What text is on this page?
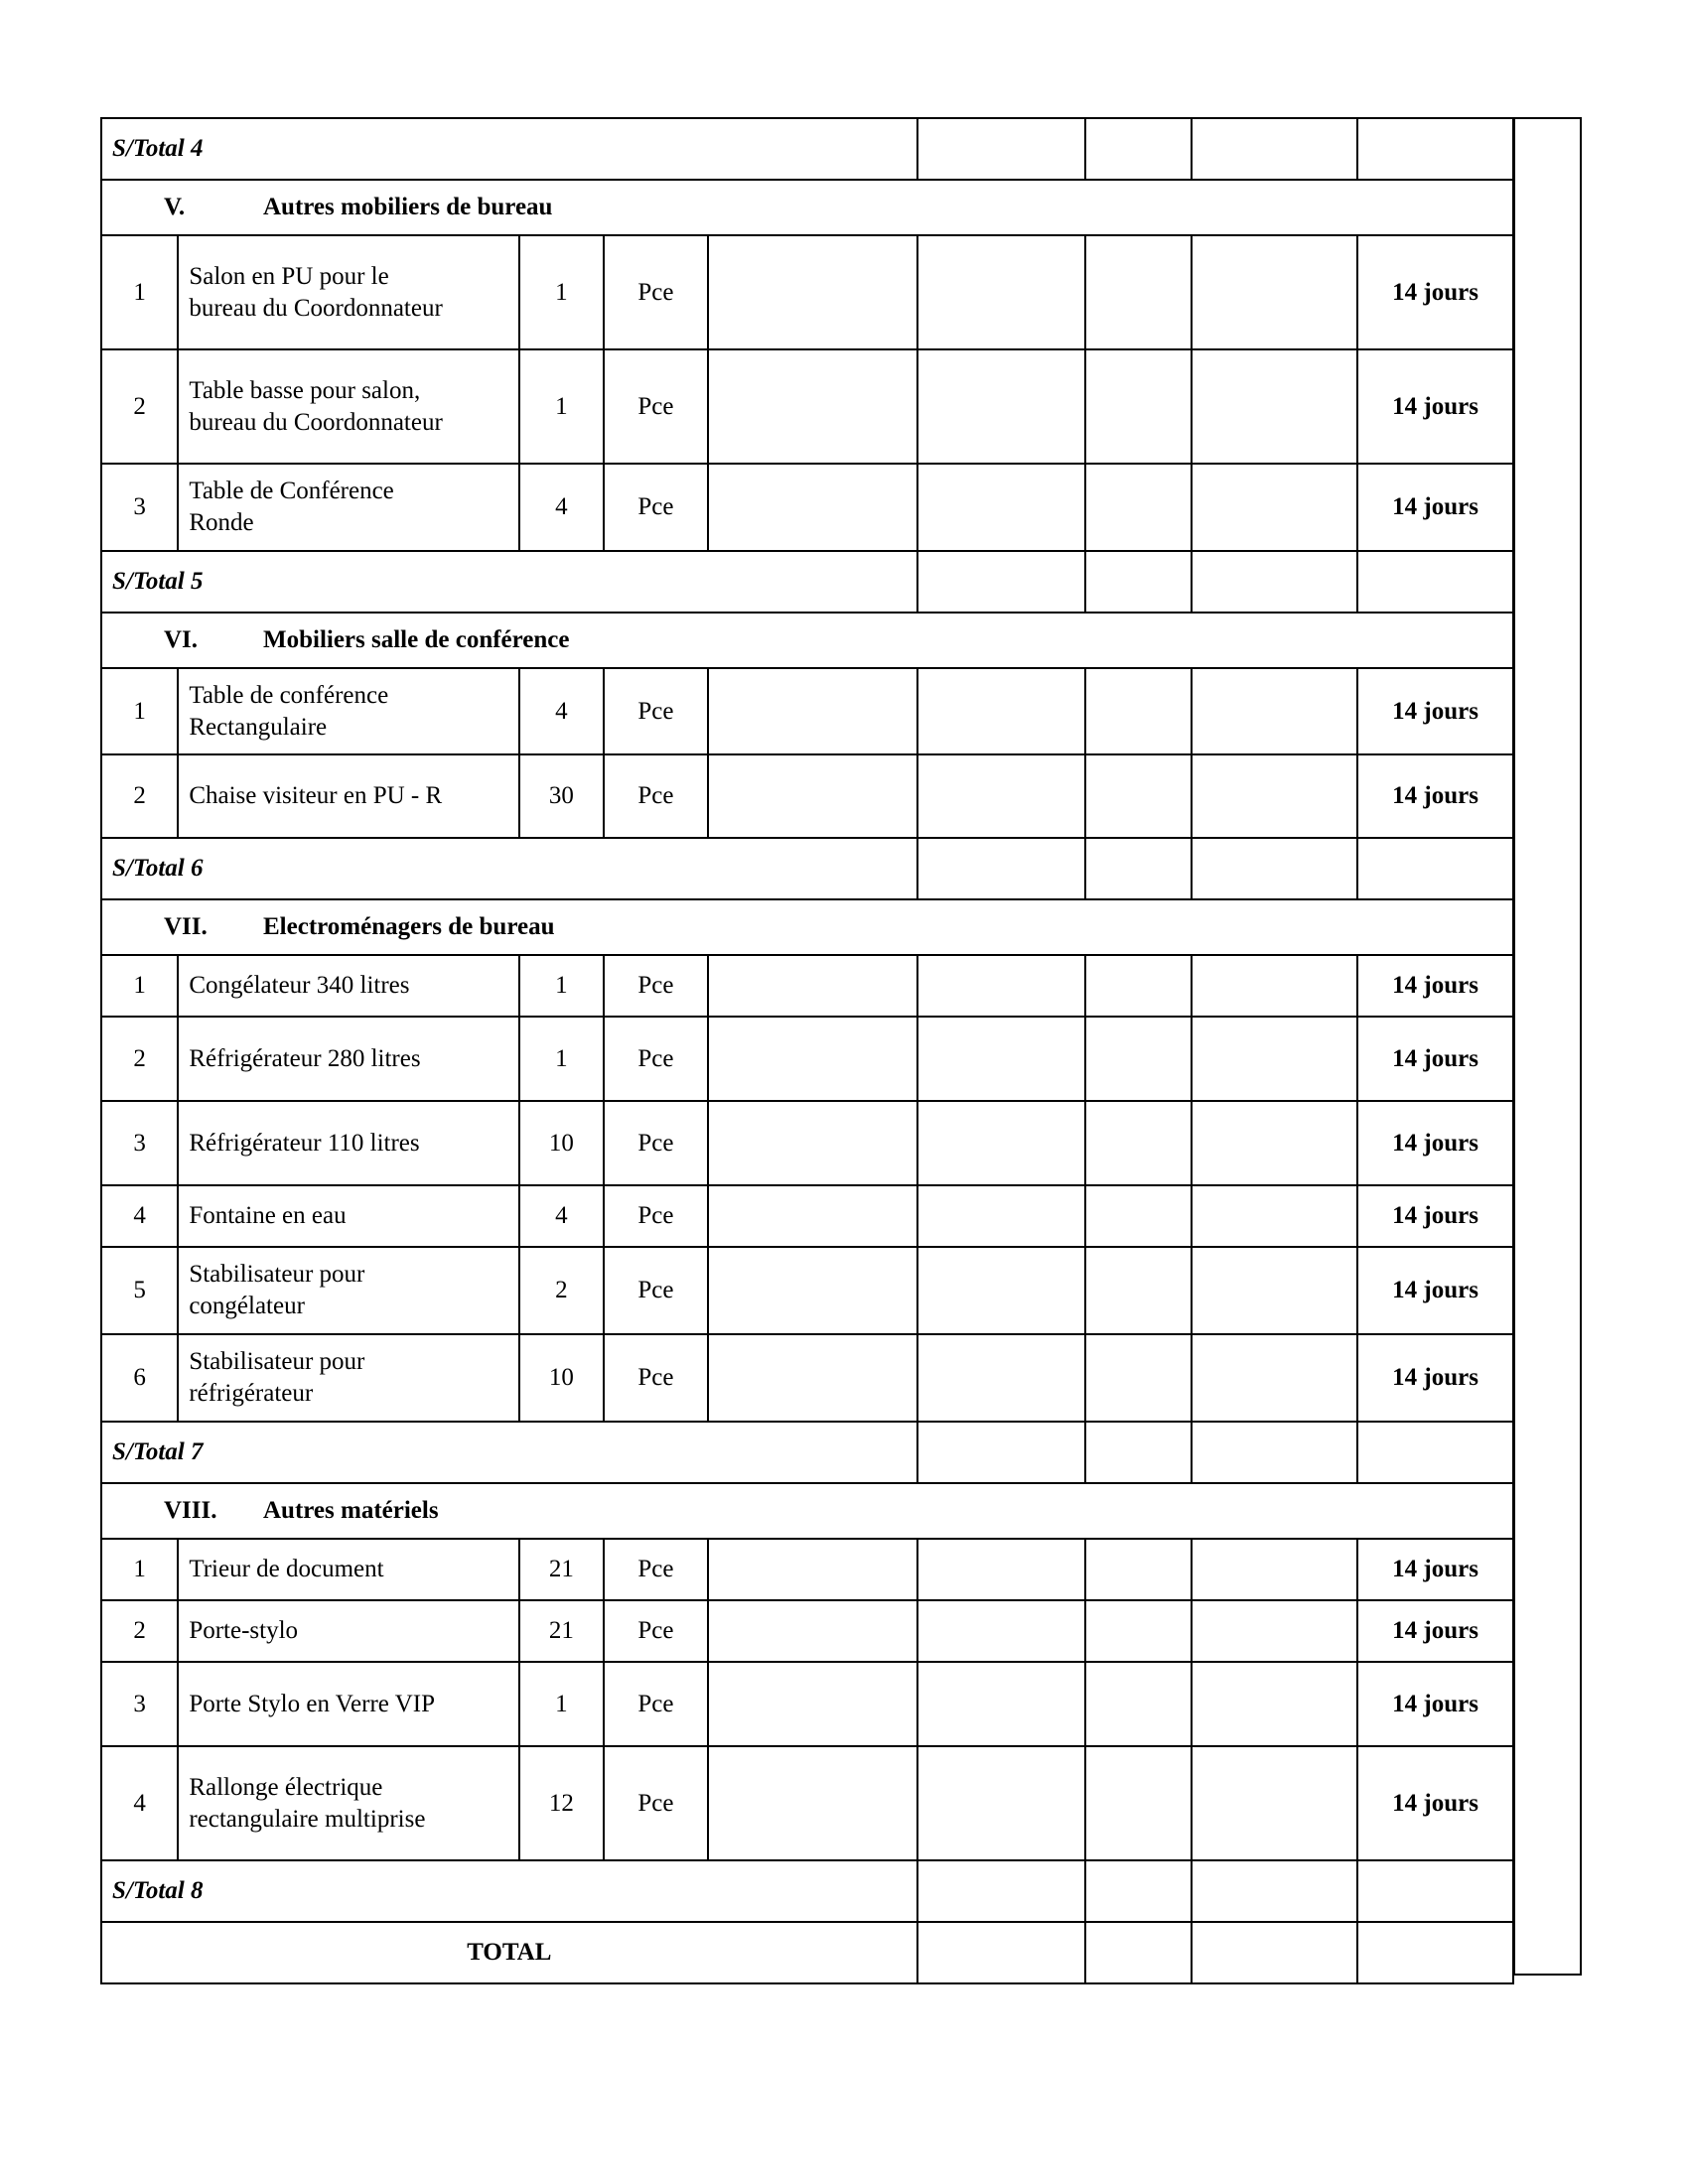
S/Total 4								
V. Autres mobiliers de bureau								
1	Salon en PU pour le
bureau du Coordonnateur	1	Pce					14 jours
2	Table basse pour salon,
bureau du Coordonnateur	1	Pce					14 jours
3	Table de Conférence
Ronde	4	Pce					14 jours
S/Total 5								
VI. Mobiliers salle de conférence								
1	Table de conférence
Rectangulaire	4	Pce					14 jours
2	Chaise visiteur en PU - R	30	Pce					14 jours
S/Total 6								
VII. Electroménagers de bureau								
1	Congélateur 340 litres	1	Pce					14 jours
2	Réfrigérateur 280 litres	1	Pce					14 jours
3	Réfrigérateur 110 litres	10	Pce					14 jours
4	Fontaine en eau	4	Pce					14 jours
5	Stabilisateur pour
congélateur	2	Pce					14 jours
6	Stabilisateur pour
réfrigérateur	10	Pce					14 jours
S/Total 7								
VIII. Autres matériels								
1	Trieur de document	21	Pce					14 jours
2	Porte-stylo	21	Pce					14 jours
3	Porte Stylo en Verre VIP	1	Pce					14 jours
4	Rallonge électrique
rectangulaire multiprise	12	Pce					14 jours
S/Total 8								
TOTAL								
